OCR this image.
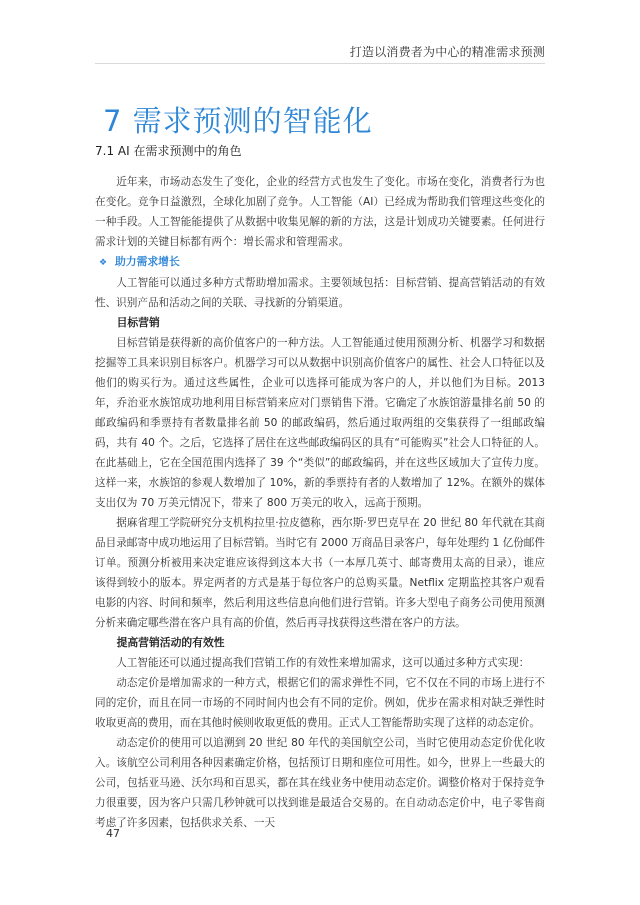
打造以消费者为中心的精准需求预测
7 需求预测的智能化
7.1 AI 在需求预测中的角色

近年来，市场动态发生了变化，企业的经营方式也发生了变化。市场在变化，消费者行为也在变化。竞争日益激烈，全球化加剧了竞争。人工智能（AI）已经成为帮助我们管理这些变化的一种手段。人工智能能提供了从数据中收集见解的新的方法，这是计划成功关键要素。任何进行需求计划的关键目标都有两个：增长需求和管理需求。

❖ 助力需求增长

人工智能可以通过多种方式帮助增加需求。主要领域包括：目标营销、提高营销活动的有效性、识别产品和活动之间的关联、寻找新的分销渠道。

目标营销

目标营销是获得新的高价值客户的一种方法。人工智能通过使用预测分析、机器学习和数据挖掘等工具来识别目标客户。机器学习可以从数据中识别高价值客户的属性、社会人口特征以及他们的购买行为。通过这些属性，企业可以选择可能成为客户的人，并以他们为目标。2013 年，乔治亚水族馆成功地利用目标营销来应对门票销售下滑。它确定了水族馆游量排名前 50 的邮政编码和季票持有者数量排名前 50 的邮政编码，然后通过取两组的交集获得了一组邮政编码，共有 40 个。之后，它选择了居住在这些邮政编码区的具有“可能购买”社会人口特征的人。在此基础上，它在全国范围内选择了 39 个“类似”的邮政编码，并在这些区域加大了宣传力度。这样一来，水族馆的参观人数增加了 10%，新的季票持有者的人数增加了 12%。在额外的媒体支出仅为 70 万美元情况下，带来了 800 万美元的收入，远高于预期。

据麻省理工学院研究分支机构拉里·拉皮德称，西尔斯·罗巴克早在 20 世纪 80 年代就在其商品目录邮寄中成功地运用了目标营销。当时它有 2000 万商品目录客户，每年处理约 1 亿份邮件订单。预测分析被用来决定谁应该得到这本大书（一本厚几英寸、邮寄费用太高的目录），谁应该得到较小的版本。界定两者的方式是基于每位客户的总购买量。Netflix 定期监控其客户观看电影的内容、时间和频率，然后利用这些信息向他们进行营销。许多大型电子商务公司使用预测分析来确定哪些潜在客户具有高的价值，然后再寻找获得这些潜在客户的方法。

提高营销活动的有效性

人工智能还可以通过提高我们营销工作的有效性来增加需求，这可以通过多种方式实现：

动态定价是增加需求的一种方式，根据它们的需求弹性不同，它不仅在不同的市场上进行不同的定价，而且在同一市场的不同时间内也会有不同的定价。例如，优步在需求相对缺乏弹性时收取更高的费用，而在其他时候则收取更低的费用。正式人工智能帮助实现了这样的动态定价。

动态定价的使用可以追溯到 20 世纪 80 年代的美国航空公司，当时它使用动态定价优化收入。该航空公司利用各种因素确定价格，包括预订日期和座位可用性。如今，世界上一些最大的公司，包括亚马逊、沃尔玛和百思买，都在其在线业务中使用动态定价。调整价格对于保持竞争力很重要，因为客户只需几秒钟就可以找到谁是最适合交易的。在自动动态定价中，电子零售商考虑了许多因素，包括供求关系、一天

47
